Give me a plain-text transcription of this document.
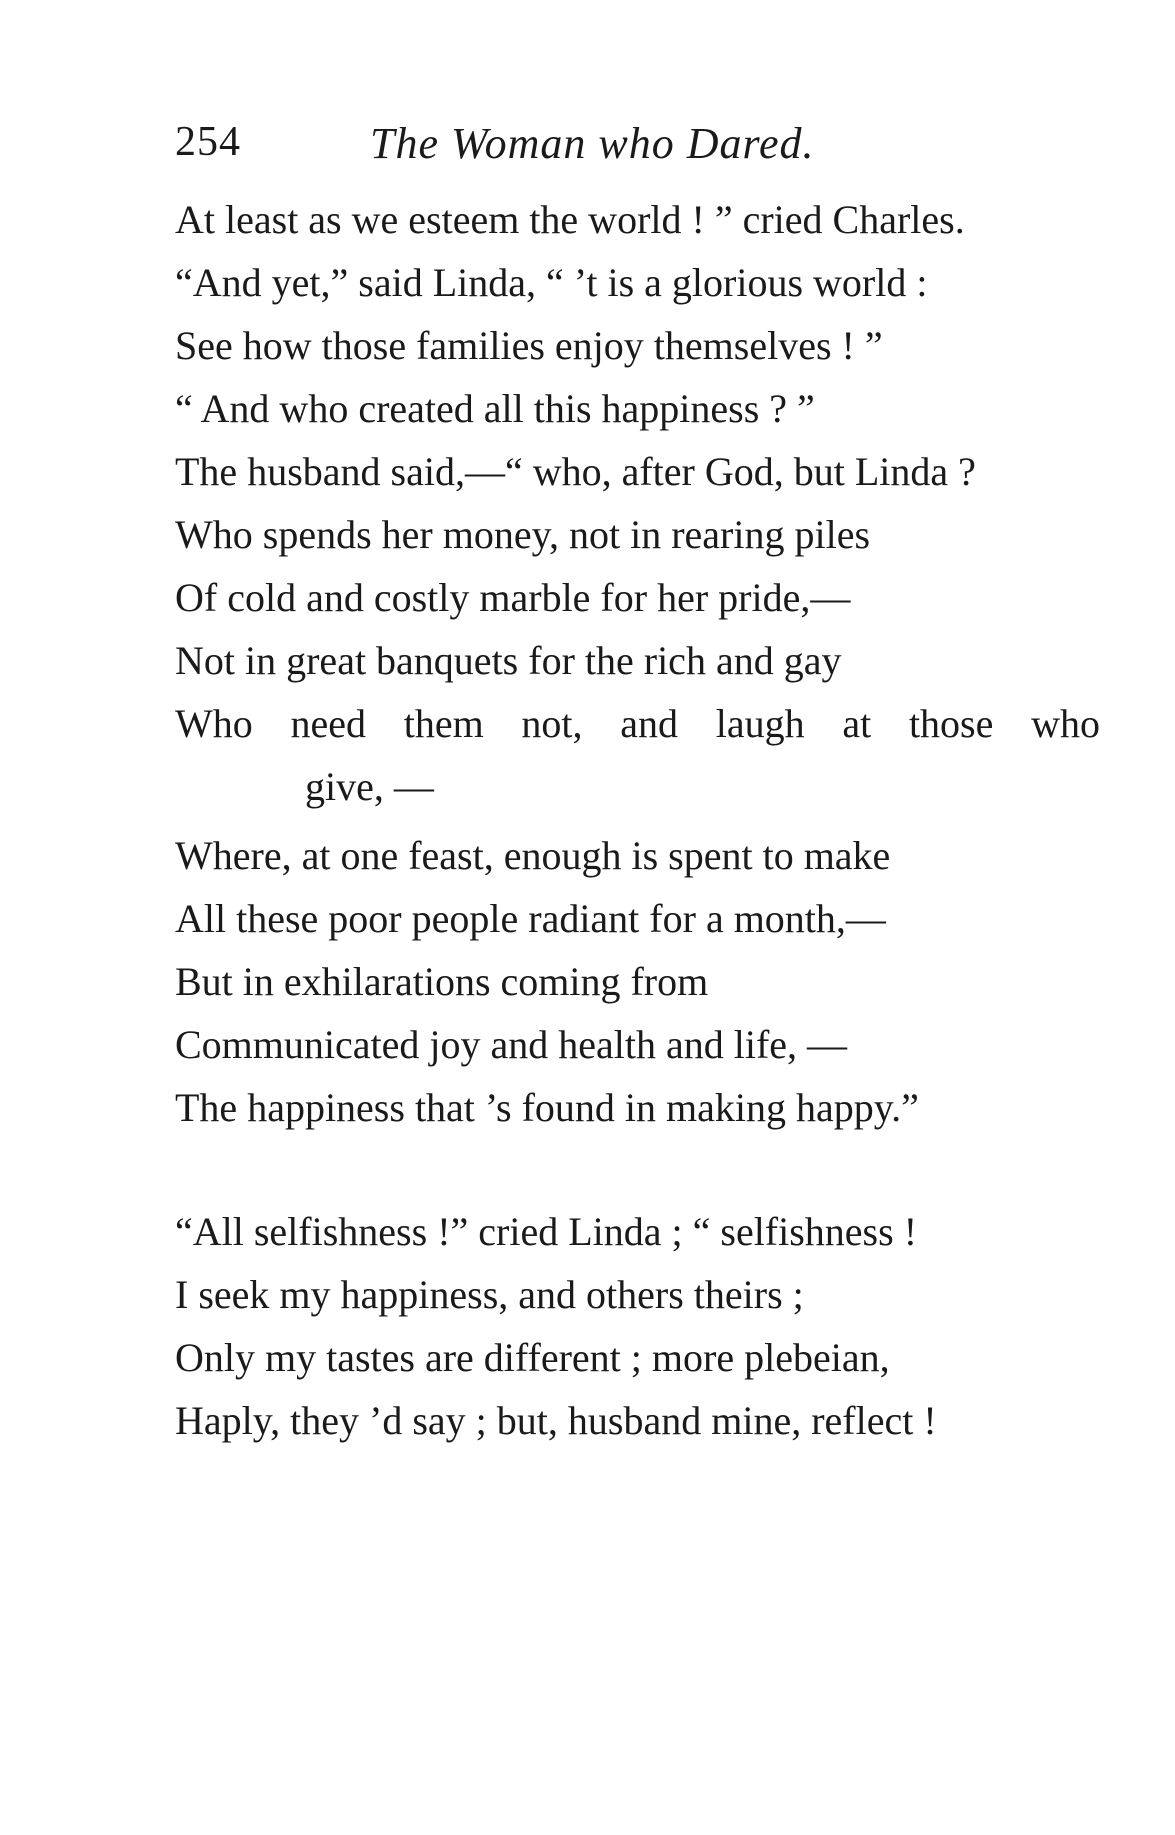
254	The Woman who Dared.
At least as we esteem the world ! ” cried Charles.
“And yet,” said Linda, “ ’t is a glorious world :
See how those families enjoy themselves ! ”
“ And who created all this happiness ? ”
The husband said,—“ who, after God, but Linda ?
Who spends her money, not in rearing piles
Of cold and costly marble for her pride,—
Not in great banquets for the rich and gay
Who need them not, and laugh at those who
give, —
Where, at one feast, enough is spent to make
All these poor people radiant for a month,—
But in exhilarations coming from
Communicated joy and health and life, —
The happiness that ’s found in making happy.”
“All selfishness !” cried Linda ; “ selfishness !
I seek my happiness, and others theirs ;
Only my tastes are different ; more plebeian,
Haply, they ’d say ; but, husband mine, reflect !
